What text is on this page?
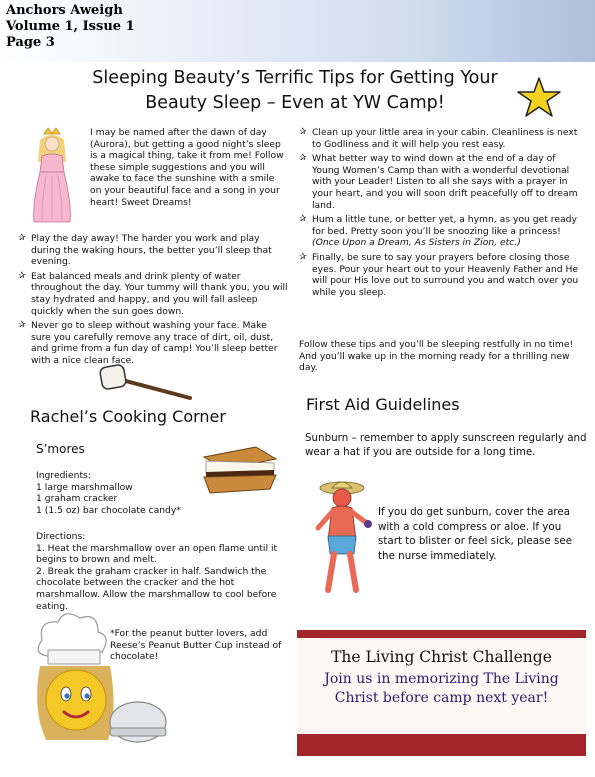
Anchors Aweigh
Volume 1, Issue 1
Page 3
Sleeping Beauty’s Terrific Tips for Getting Your
Beauty Sleep – Even at YW Camp!
I may be named after the dawn of day (Aurora), but getting a good night’s sleep is a magical thing, take it from me! Follow these simple suggestions and you will awake to face the sunshine with a smile on your beautiful face and a song in your heart! Sweet Dreams!
✰ Play the day away! The harder you work and play during the waking hours, the better you’ll sleep that evening.
✰ Eat balanced meals and drink plenty of water throughout the day. Your tummy will thank you, you will stay hydrated and happy, and you will fall asleep quickly when the sun goes down.
✰ Never go to sleep without washing your face. Make sure you carefully remove any trace of dirt, oil, dust, and grime from a fun day of camp! You’ll sleep better with a nice clean face.
✰ Clean up your little area in your cabin. Cleanliness is next to Godliness and it will help you rest easy.
✰ What better way to wind down at the end of a day of Young Women’s Camp than with a wonderful devotional with your Leader! Listen to all she says with a prayer in your heart, and you will soon drift peacefully off to dream land.
✰ Hum a little tune, or better yet, a hymn, as you get ready for bed. Pretty soon you’ll be snoozing like a princess! (Once Upon a Dream, As Sisters in Zion, etc.)
✰ Finally, be sure to say your prayers before closing those eyes. Pour your heart out to your Heavenly Father and He will pour His love out to surround you and watch over you while you sleep.
Follow these tips and you’ll be sleeping restfully in no time! And you’ll wake up in the morning ready for a thrilling new day.
Rachel’s Cooking Corner
S’mores
Ingredients:
1 large marshmallow
1 graham cracker
1 (1.5 oz) bar chocolate candy*
Directions:
1. Heat the marshmallow over an open flame until it begins to brown and melt.
2. Break the graham cracker in half. Sandwich the chocolate between the cracker and the hot marshmallow. Allow the marshmallow to cool before eating.
*For the peanut butter lovers, add Reese’s Peanut Butter Cup instead of chocolate!
First Aid Guidelines
Sunburn – remember to apply sunscreen regularly and wear a hat if you are outside for a long time.
If you do get sunburn, cover the area with a cold compress or aloe. If you start to blister or feel sick, please see the nurse immediately.
The Living Christ Challenge
Join us in memorizing The Living
Christ before camp next year!
